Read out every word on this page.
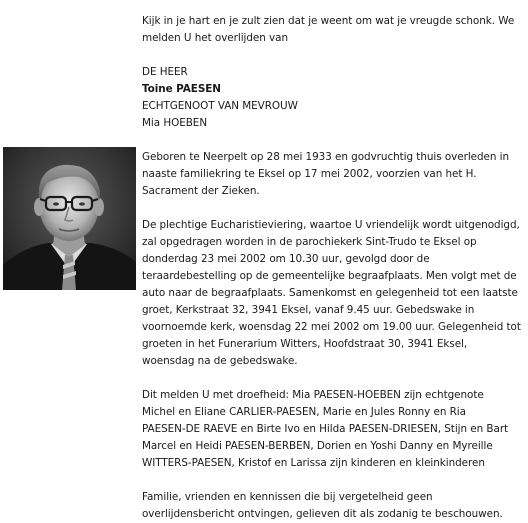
Kijk in je hart en je zult zien dat je weent om wat je vreugde schonk. We
melden U het overlijden van

DE HEER

Toine PAESEN

ECHTGENOOT VAN MEVROUW

Mia HOEBEN

Geboren te Neerpelt op 28 mei 1933 en godvruchtig thuis overleden in
naaste familiekring te Eksel op 17 mei 2002, voorzien van het H.
Sacrament der Zieken.

De plechtige Eucharistieviering, waartoe U vriendelijk wordt uitgenodigd,
zal opgedragen worden in de parochiekerk Sint-Trudo te Eksel op
donderdag 23 mei 2002 om 10.30 uur, gevolgd door de
teraardebestelling op de gemeentelijke begraafplaats. Men volgt met de
auto naar de begraafplaats. Samenkomst en gelegenheid tot een laatste
groet, Kerkstraat 32, 3941 Eksel, vanaf 9.45 uur. Gebedswake in
voornoemde kerk, woensdag 22 mei 2002 om 19.00 uur. Gelegenheid tot
groeten in het Funerarium Witters, Hoofdstraat 30, 3941 Eksel,
woensdag na de gebedswake.

Dit melden U met droefheid: Mia PAESEN-HOEBEN zijn echtgenote
Michel en Eliane CARLIER-PAESEN, Marie en Jules Ronny en Ria
PAESEN-DE RAEVE en Birte Ivo en Hilda PAESEN-DRIESEN, Stijn en Bart
Marcel en Heidi PAESEN-BERBEN, Dorien en Yoshi Danny en Myreille
WITTERS-PAESEN, Kristof en Larissa zijn kinderen en kleinkinderen

Familie, vrienden en kennissen die bij vergetelheid geen
overlijdensbericht ontvingen, gelieven dit als zodanig te beschouwen.
